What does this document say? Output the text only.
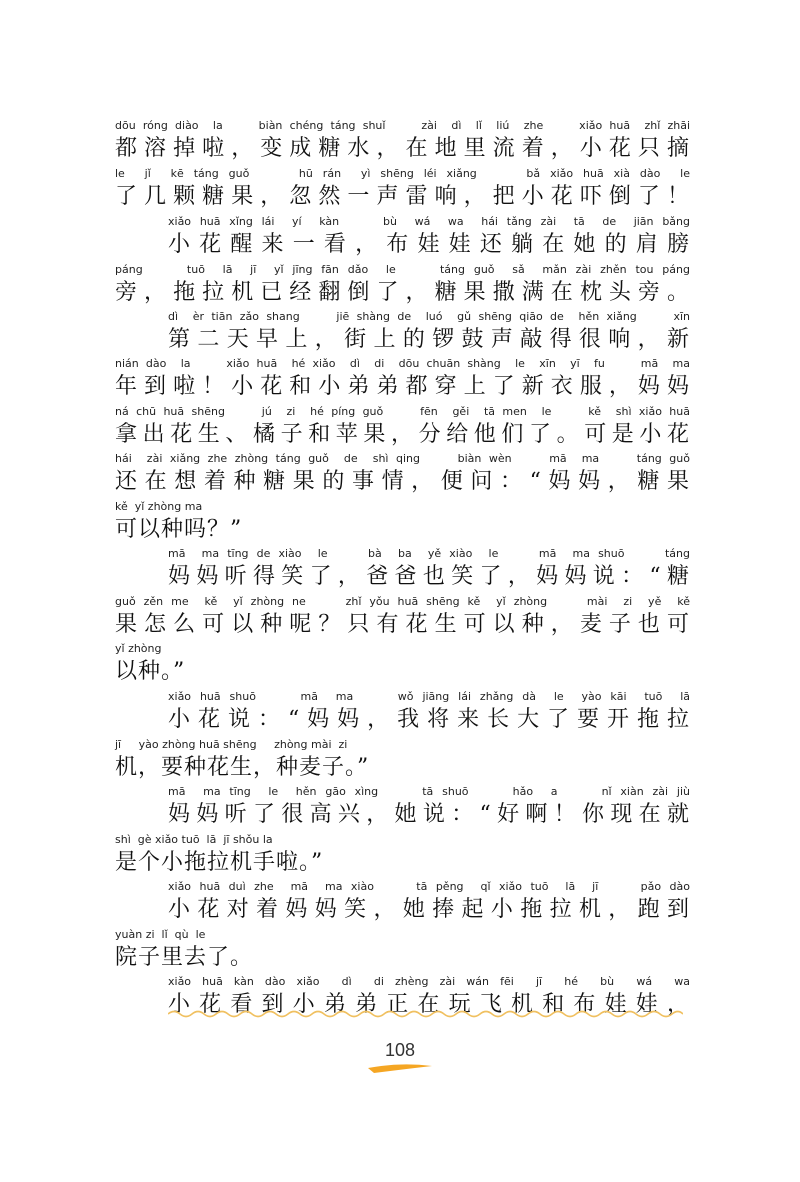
dōu róng diào  la     biàn chéng táng shuǐ     zài  dì  lǐ  liú  zhe     xiǎo huā  zhǐ zhāi
都溶掉啦，变成糖水，在地里流着，小花只摘
le  jǐ  kē táng guǒ     hū rán  yì shēng léi xiǎng     bǎ xiǎo huā xià dào  le
了几颗糖果，忽然一声雷响，把小花吓倒了！
xiǎo huā xǐng lái  yí  kàn     bù  wá  wa  hái tǎng zài  tā  de  jiān bǎng
小花醒来一看，布娃娃还躺在她的肩膀
páng     tuō  lā  jī  yǐ jīng fān dǎo  le     táng guǒ  sǎ  mǎn zài zhěn tou páng
旁，拖拉机已经翻倒了，糖果撒满在枕头旁。
dì  èr tiān zǎo shang     jiē shàng de  luó  gǔ shēng qiāo de  hěn xiǎng     xīn
第二天早上，街上的锣鼓声敲得很响，新
nián dào  la     xiǎo huā  hé xiǎo  dì  di  dōu chuān shàng  le  xīn  yī  fu     mā  ma
年到啦！小花和小弟弟都穿上了新衣服，妈妈
ná chū huā shēng     jú  zi  hé píng guǒ     fēn  gěi  tā men  le     kě  shì xiǎo huā
拿出花生、橘子和苹果，分给他们了。可是小花
hái  zài xiǎng zhe zhòng táng guǒ  de  shì qing     biàn wèn     mā  ma     táng guǒ
还在想着种糖果的事情，便问：“妈妈，糖果
kě  yǐ zhòng ma
可以种吗？”
mā  ma tīng de xiào  le     bà  ba  yě xiào  le     mā  ma shuō     táng
妈妈听得笑了，爸爸也笑了，妈妈说：“糖
guǒ zěn me  kě  yǐ zhòng ne     zhǐ yǒu huā shēng kě  yǐ zhòng     mài  zi  yě  kě
果怎么可以种呢？只有花生可以种，麦子也可
yǐ zhòng
以种。”
xiǎo huā shuō     mā  ma     wǒ jiāng lái zhǎng dà  le  yào kāi  tuō  lā
小花说：“妈妈，我将来长大了要开拖拉
jī     yào zhòng huā shēng     zhòng mài  zi
机，要种花生，种麦子。”
mā  ma tīng  le  hěn gāo xìng     tā shuō     hǎo  a     nǐ xiàn zài jiù
妈妈听了很高兴，她说：“好啊！你现在就
shì  gè xiǎo tuō  lā  jī shǒu la
是个小拖拉机手啦。”
xiǎo huā duì zhe  mā  ma xiào     tā pěng  qǐ xiǎo tuō  lā  jī     pǎo dào
小花对着妈妈笑，她捧起小拖拉机，跑到
yuàn zi  lǐ  qù  le
院子里去了。
xiǎo huā kàn dào xiǎo  dì  di zhèng zài wán fēi  jī  hé  bù  wá  wa
小花看到小弟弟正在玩飞机和布娃娃，
108
